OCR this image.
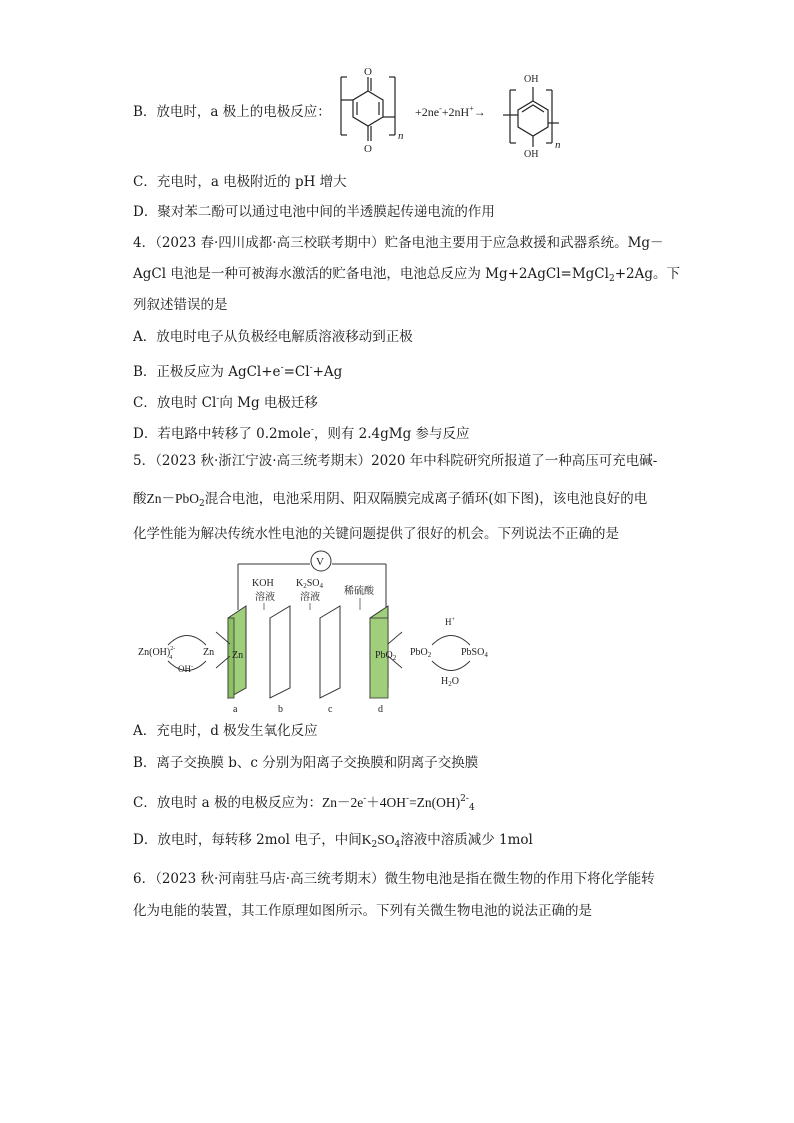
B．放电时，a 极上的电极反应：
O
O
n
+2ne-+2nH+→
OH
OH
n
C．充电时，a 电极附近的 pH 增大
D．聚对苯二酚可以通过电池中间的半透膜起传递电流的作用
4．（2023 春·四川成都·高三校联考期中）贮备电池主要用于应急救援和武器系统。Mg－
AgCl 电池是一种可被海水激活的贮备电池，电池总反应为 Mg+2AgCl=MgCl$_2$+2Ag。下
列叙述错误的是
A．放电时电子从负极经电解质溶液移动到正极
B．正极反应为 AgCl+e-=Cl-+Ag
C．放电时 Cl-向 Mg 电极迁移
D．若电路中转移了 0.2mole-，则有 2.4gMg 参与反应
5．（2023 秋·浙江宁波·高三统考期末）2020 年中科院研究所报道了一种高压可充电碱-
酸Zn－PbO$_2$混合电池，电池采用阴、阳双隔膜完成离子循环(如下图)，该电池良好的电
化学性能为解决传统水性电池的关键问题提供了很好的机会。下列说法不正确的是
V
KOH
溶液
$K_2SO_4$
溶液
稀硫酸
Zn	PbO$_2$
a	b	c	d
Zn(OH)$^{2-}$4	Zn
OH-
PbO$_2$	PbSO$_4$
H+
$H_2O$
A．充电时，d 极发生氧化反应
B．离子交换膜 b、c 分别为阳离子交换膜和阴离子交换膜
C．放电时 a 极的电极反应为：Zn－2e-＋4OH-=Zn(OH)$^{2-}_4$
D．放电时，每转移 2mol 电子，中间$K_2SO_4$溶液中溶质减少 1mol
6．（2023 秋·河南驻马店·高三统考期末）微生物电池是指在微生物的作用下将化学能转
化为电能的装置，其工作原理如图所示。下列有关微生物电池的说法正确的是
